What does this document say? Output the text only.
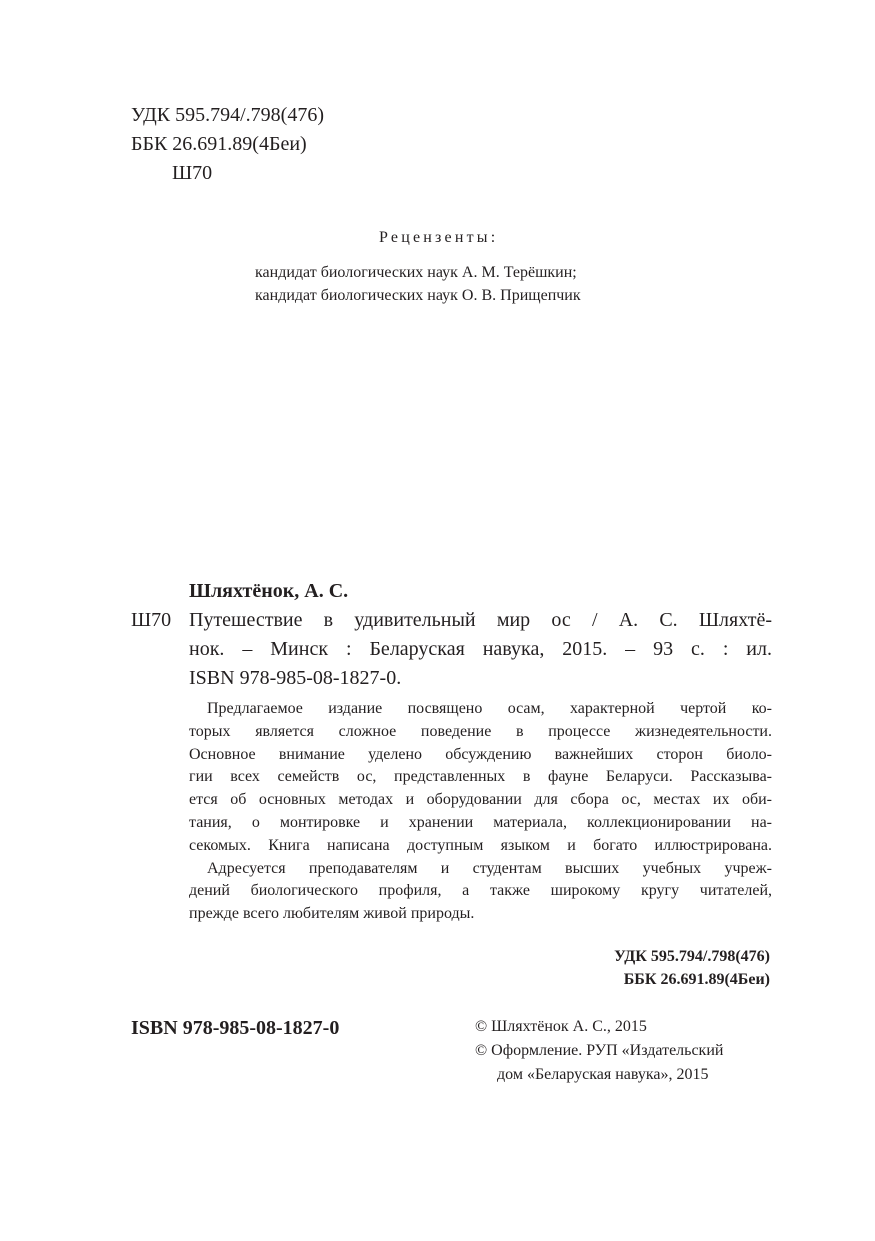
УДК 595.794/.798(476)
ББК 26.691.89(4Беи)
Ш70
Рецензенты:
кандидат биологических наук А. М. Терёшкин;
кандидат биологических наук О. В. Прищепчик
Шляхтёнок, А. С.
Ш70 Путешествие в удивительный мир ос / А. С. Шляхтё-
нок. – Минск : Беларуская навука, 2015. – 93 с. : ил.
ISBN 978-985-08-1827-0.
Предлагаемое издание посвящено осам, характерной чертой ко-
торых является сложное поведение в процессе жизнедеятельности.
Основное внимание уделено обсуждению важнейших сторон биоло-
гии всех семейств ос, представленных в фауне Беларуси. Рассказыва-
ется об основных методах и оборудовании для сбора ос, местах их оби-
тания, о монтировке и хранении материала, коллекционировании на-
секомых. Книга написана доступным языком и богато иллюстрирована.
Адресуется преподавателям и студентам высших учебных учреж-
дений биологического профиля, а также широкому кругу читателей,
прежде всего любителям живой природы.
УДК 595.794/.798(476)
ББК 26.691.89(4Беи)
ISBN 978-985-08-1827-0	© Шляхтёнок А. С., 2015
© Оформление. РУП «Издательский
дом «Беларуская навука», 2015
